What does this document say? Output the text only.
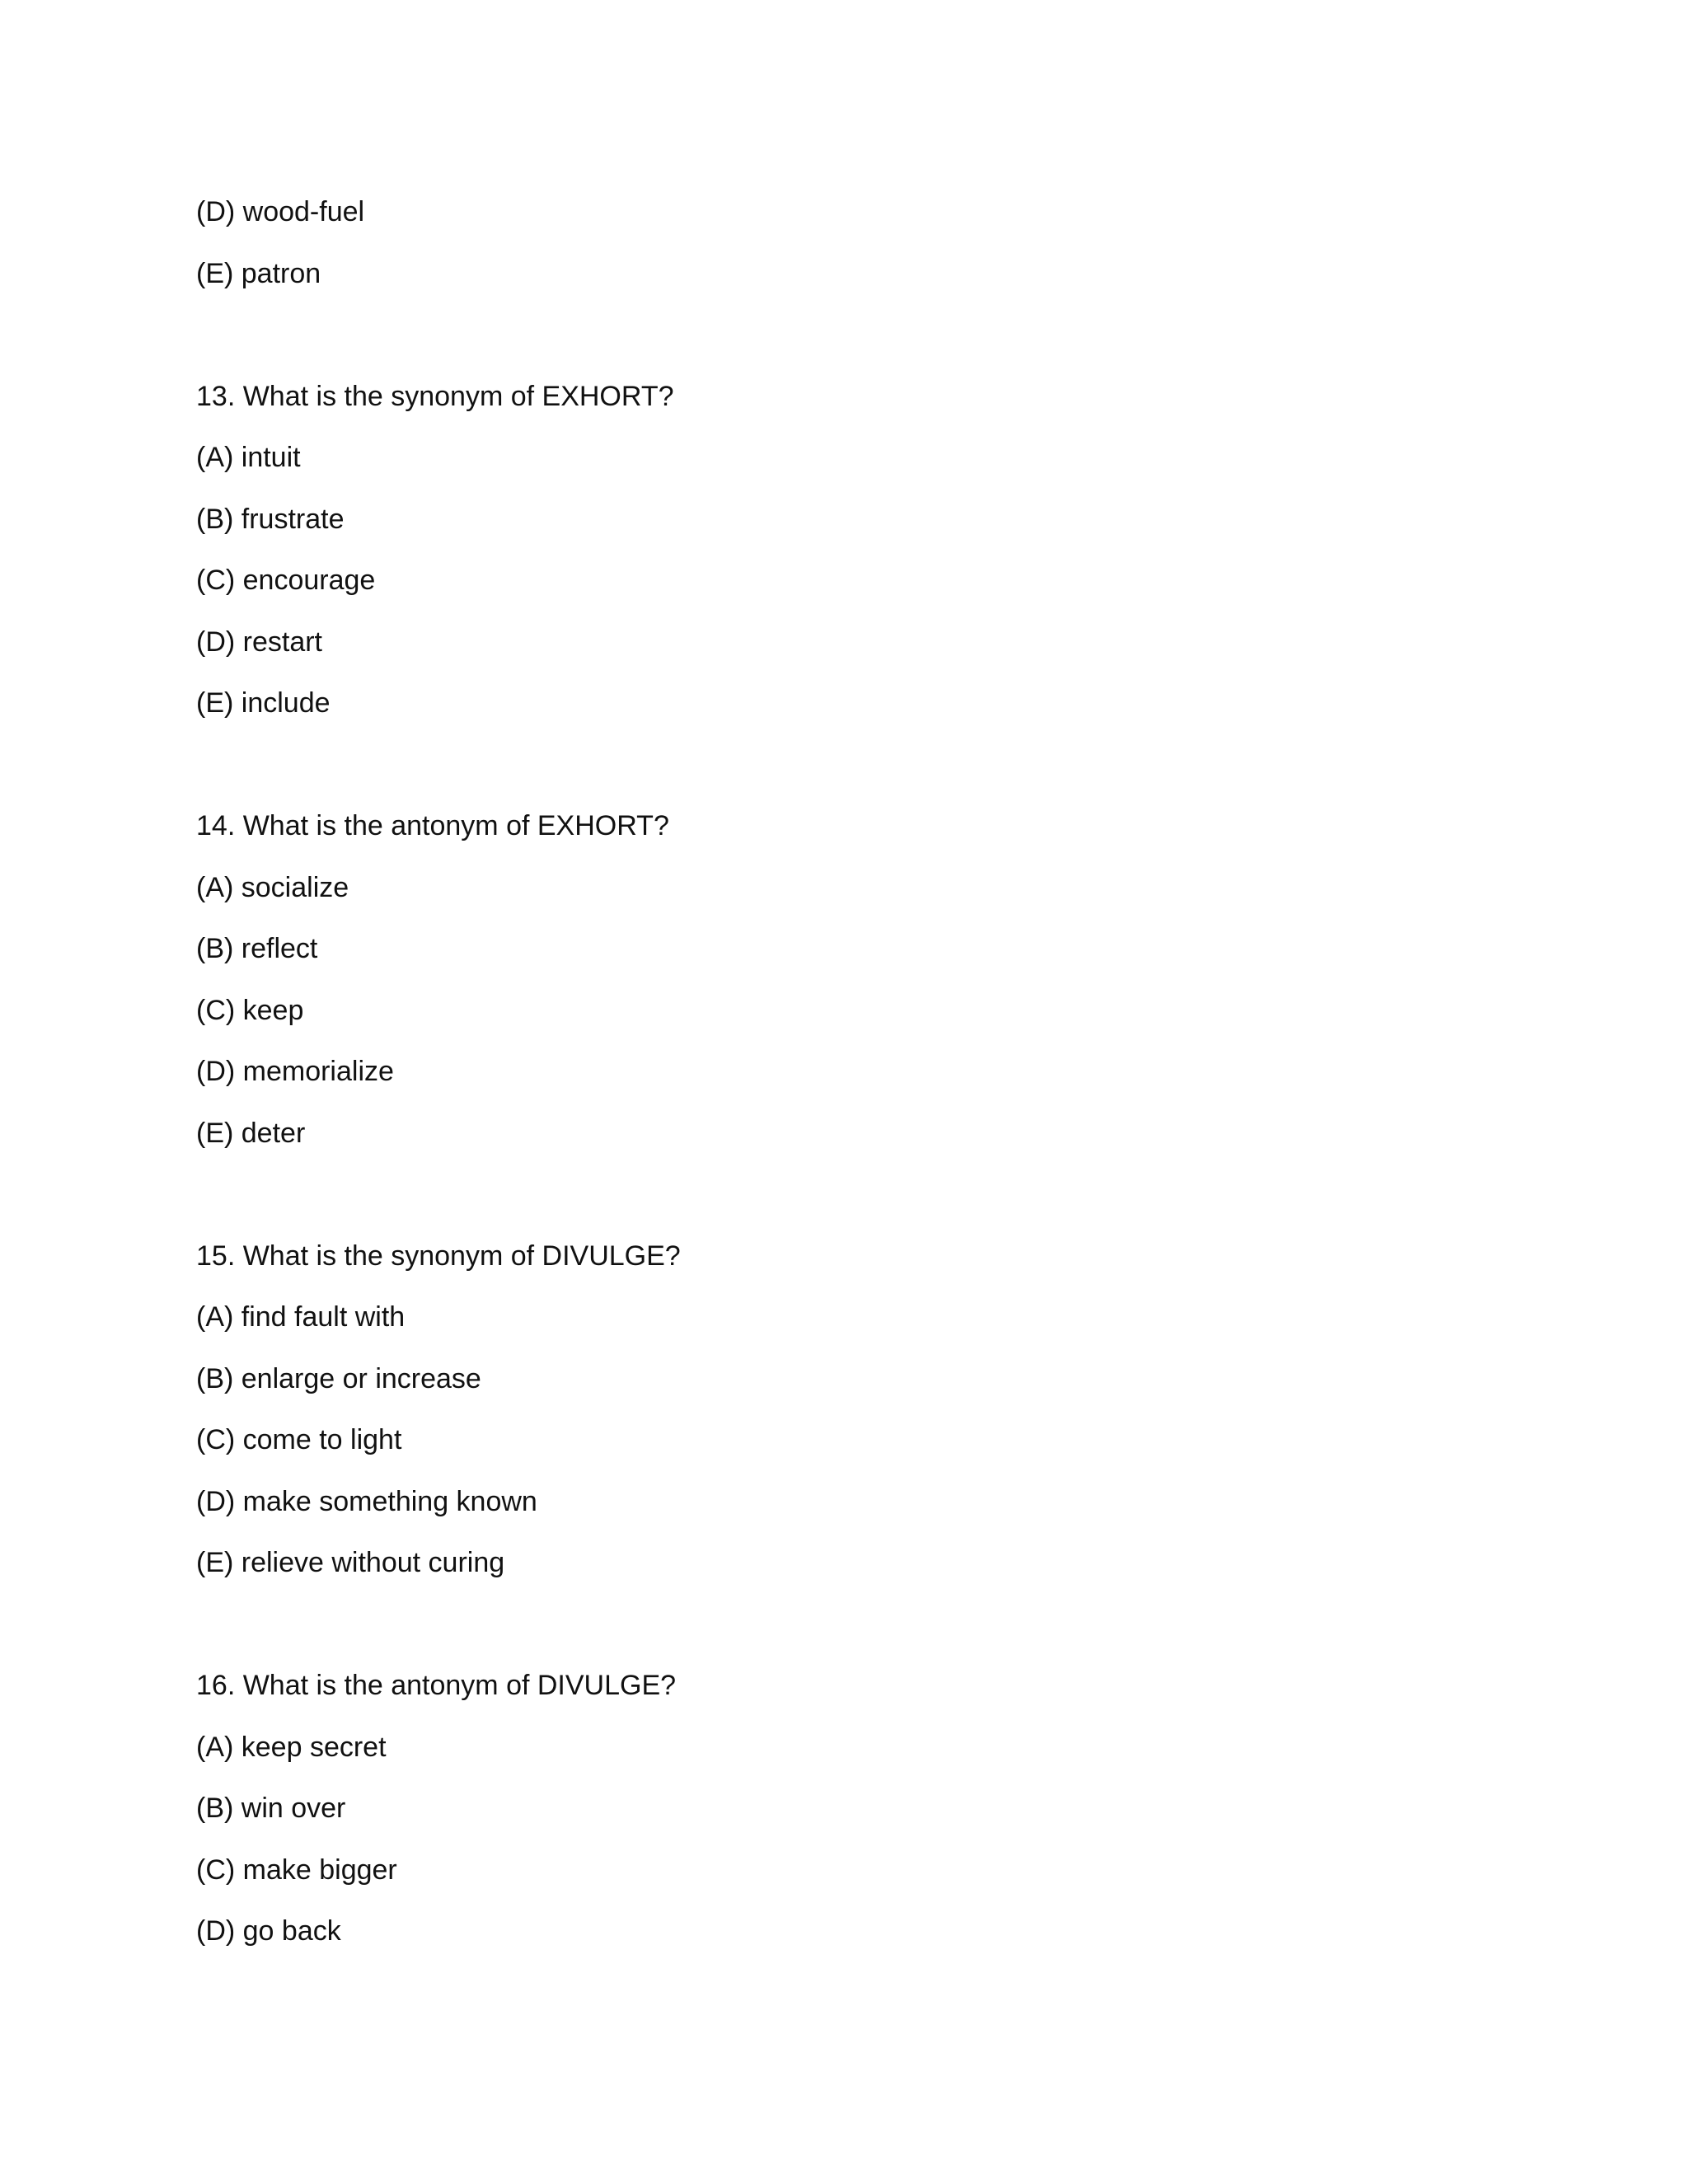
(D) wood-fuel
(E) patron
13. What is the synonym of EXHORT?
(A) intuit
(B) frustrate
(C) encourage
(D) restart
(E) include
14. What is the antonym of EXHORT?
(A) socialize
(B) reflect
(C) keep
(D) memorialize
(E) deter
15. What is the synonym of DIVULGE?
(A) find fault with
(B) enlarge or increase
(C) come to light
(D) make something known
(E) relieve without curing
16. What is the antonym of DIVULGE?
(A) keep secret
(B) win over
(C) make bigger
(D) go back
